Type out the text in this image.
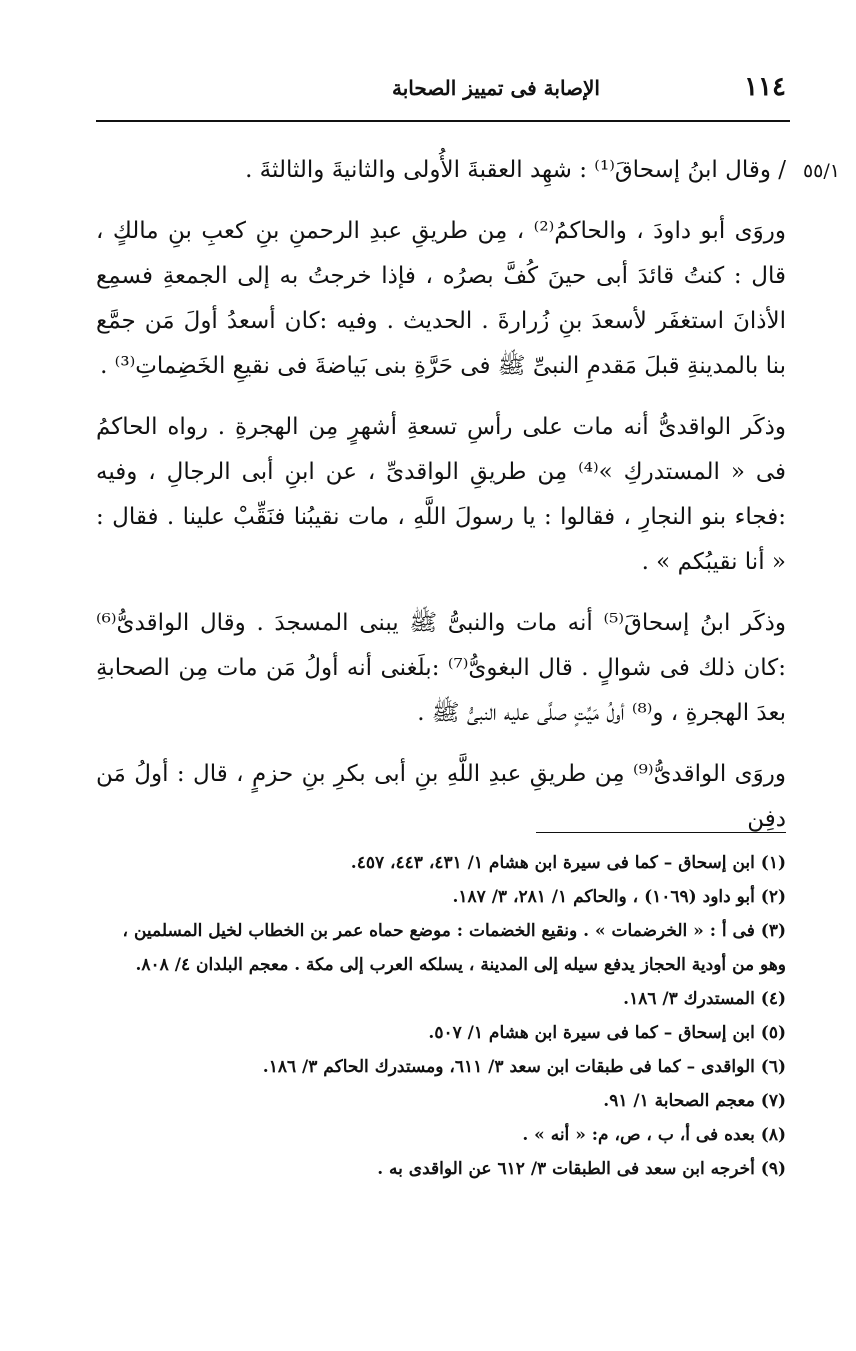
١١٤
الإصابة فى تمييز الصحابة
٥٥/١

/ وقال ابنُ إسحاقَ⁽¹⁾ : شهِد العقبةَ الأُولى والثانيةَ والثالثةَ .

وروَى أبو داودَ ، والحاكمُ⁽²⁾ ، مِن طريقِ عبدِ الرحمنِ بنِ كعبِ بنِ مالكٍ ، قال : كنتُ قائدَ أبى حينَ كُفَّ بصرُه ، فإذا خرجتُ به إلى الجمعةِ فسمِع الأذانَ استغفَر لأسعدَ بنِ زُرارةَ . الحديث . وفيه :كان أسعدُ أولَ مَن جمَّع بنا بالمدينةِ قبلَ مَقدمِ النبىِّ ﷺ فى حَرَّةِ بنى بَياضةَ فى نقيعِ الخَضِماتِ⁽³⁾ .

وذكَر الواقدىُّ أنه مات على رأسِ تسعةِ أشهرٍ مِن الهجرةِ . رواه الحاكمُ فى « المستدركِ »⁽⁴⁾ مِن طريقِ الواقدىِّ ، عن ابنِ أبى الرجالِ ، وفيه :فجاء بنو النجارِ ، فقالوا : يا رسولَ اللَّهِ ، مات نقيبُنا فنَقِّبْ علينا . فقال : « أنا نقيبُكم » .

وذكَر ابنُ إسحاقَ⁽⁵⁾ أنه مات والنبىُّ ﷺ يبنى المسجدَ . وقال الواقدىُّ⁽⁶⁾ :كان ذلك فى شوالٍ . قال البغوىُّ⁽⁷⁾ :بلَغنى أنه أولُ مَن مات مِن الصحابةِ بعدَ الهجرةِ ، و⁽⁸⁾ أولُ مَيِّتٍ صلَّى عليه النبىُّ ﷺ .

وروَى الواقدىُّ⁽⁹⁾ مِن طريقِ عبدِ اللَّهِ بنِ أبى بكرِ بنِ حزمٍ ، قال : أولُ مَن دفِن

(١) ابن إسحاق – كما فى سيرة ابن هشام ١/ ٤٣١، ٤٤٣، ٤٥٧.

(٢) أبو داود (١٠٦٩) ، والحاكم ١/ ٢٨١، ٣/ ١٨٧.

(٣) فى أ : « الخرضمات » . ونقيع الخضمات : موضع حماه عمر بن الخطاب لخيل المسلمين ، وهو من أودية الحجاز يدفع سيله إلى المدينة ، يسلكه العرب إلى مكة . معجم البلدان ٤/ ٨٠٨.

(٤) المستدرك ٣/ ١٨٦.

(٥) ابن إسحاق – كما فى سيرة ابن هشام ١/ ٥٠٧.

(٦) الواقدى – كما فى طبقات ابن سعد ٣/ ٦١١، ومستدرك الحاكم ٣/ ١٨٦.

(٧) معجم الصحابة ١/ ٩١.

(٨) بعده فى أ، ب ، ص، م: « أنه » .

(٩) أخرجه ابن سعد فى الطبقات ٣/ ٦١٢ عن الواقدى به .
